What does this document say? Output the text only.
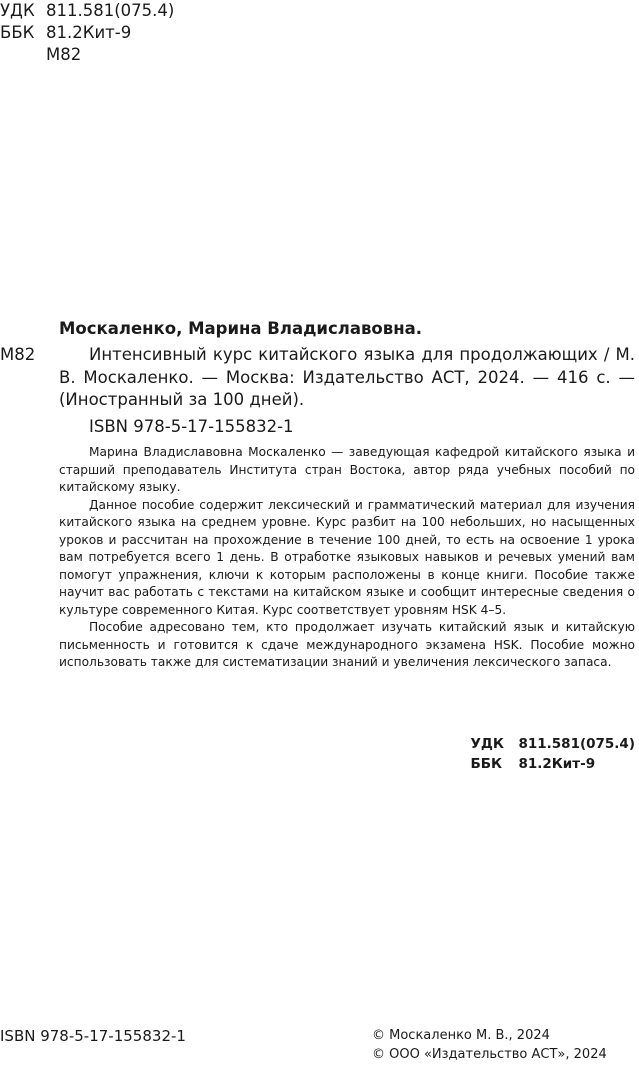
УДК 811.581(075.4)
ББК 81.2Кит-9
М82
Москаленко, Марина Владиславовна.
М82	Интенсивный курс китайского языка для продолжающих / М. В. Москаленко. — Москва: Издательство АСТ, 2024. — 416 с. — (Иностранный за 100 дней).

ISBN 978-5-17-155832-1

Марина Владиславовна Москаленко — заведующая кафедрой китайского языка и старший преподаватель Института стран Востока, автор ряда учебных пособий по китайскому языку.

Данное пособие содержит лексический и грамматический материал для изучения китайского языка на среднем уровне. Курс разбит на 100 небольших, но насыщенных уроков и рассчитан на прохождение в течение 100 дней, то есть на освоение 1 урока вам потребуется всего 1 день. В отработке языковых навыков и речевых умений вам помогут упражнения, ключи к которым расположены в конце книги. Пособие также научит вас работать с текстами на китайском языке и сообщит интересные сведения о культуре современного Китая. Курс соответствует уровням HSK 4–5.

Пособие адресовано тем, кто продолжает изучать китайский язык и китайскую письменность и готовится к сдаче международного экзамена HSK. Пособие можно использовать также для систематизации знаний и увеличения лексического запаса.

УДК 811.581(075.4)
ББК 81.2Кит-9
ISBN 978-5-17-155832-1	© Москаленко М. В., 2024
© ООО «Издательство АСТ», 2024
